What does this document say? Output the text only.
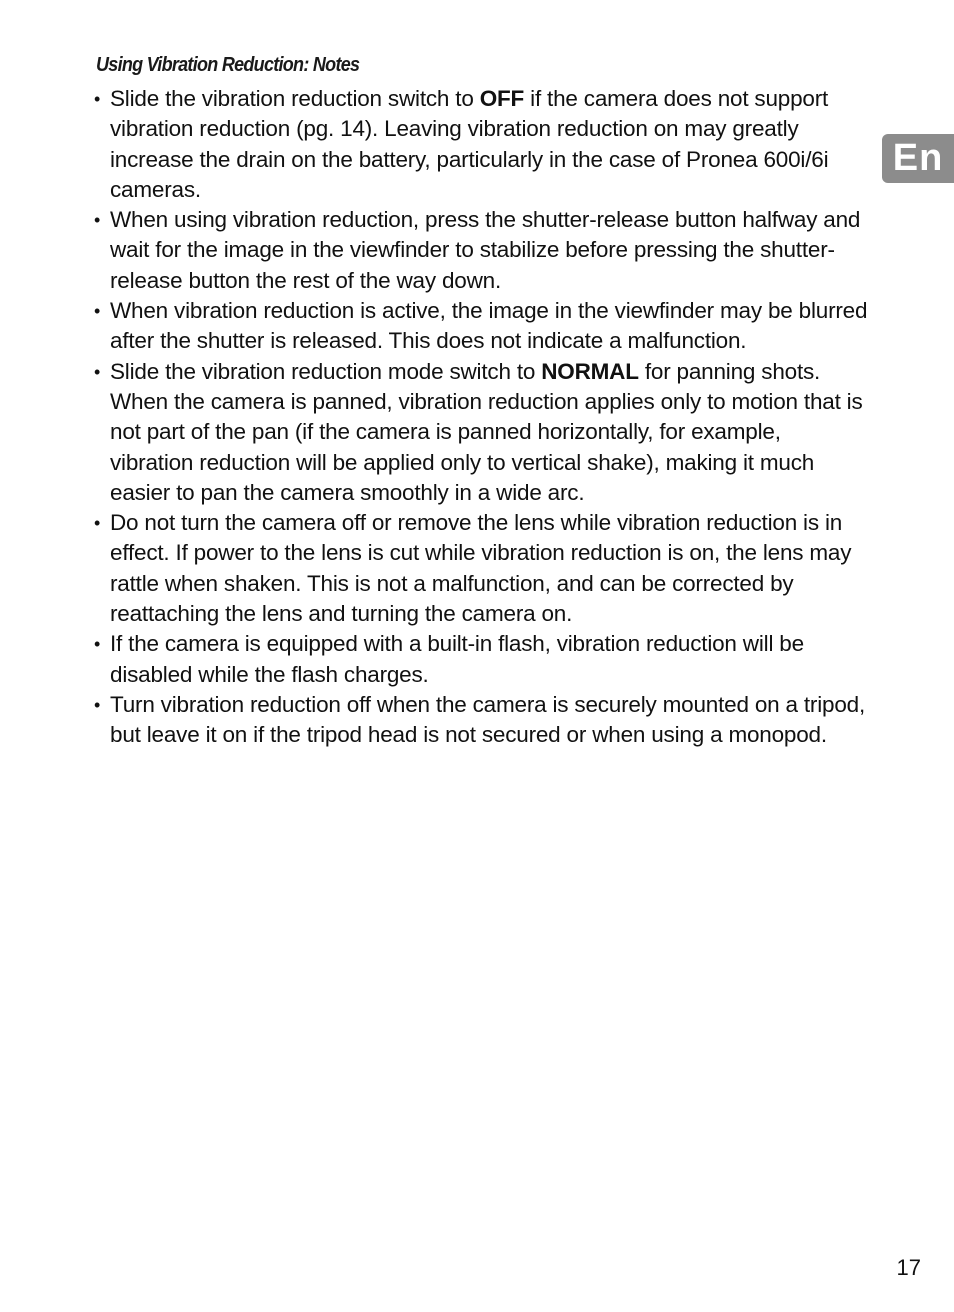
Using Vibration Reduction: Notes
En
• Slide the vibration reduction switch to OFF if the camera does not support vibration reduction (pg. 14). Leaving vibration reduction on may greatly increase the drain on the battery, particularly in the case of Pronea 600i/6i cameras.
• When using vibration reduction, press the shutter-release button halfway and wait for the image in the viewfinder to stabilize before pressing the shutter-release button the rest of the way down.
• When vibration reduction is active, the image in the viewfinder may be blurred after the shutter is released. This does not indicate a malfunction.
• Slide the vibration reduction mode switch to NORMAL for panning shots. When the camera is panned, vibration reduction applies only to motion that is not part of the pan (if the camera is panned horizontally, for example, vibration reduction will be applied only to vertical shake), making it much easier to pan the camera smoothly in a wide arc.
• Do not turn the camera off or remove the lens while vibration reduction is in effect. If power to the lens is cut while vibration reduction is on, the lens may rattle when shaken. This is not a malfunction, and can be corrected by reattaching the lens and turning the camera on.
• If the camera is equipped with a built-in flash, vibration reduction will be disabled while the flash charges.
• Turn vibration reduction off when the camera is securely mounted on a tripod, but leave it on if the tripod head is not secured or when using a monopod.
17
